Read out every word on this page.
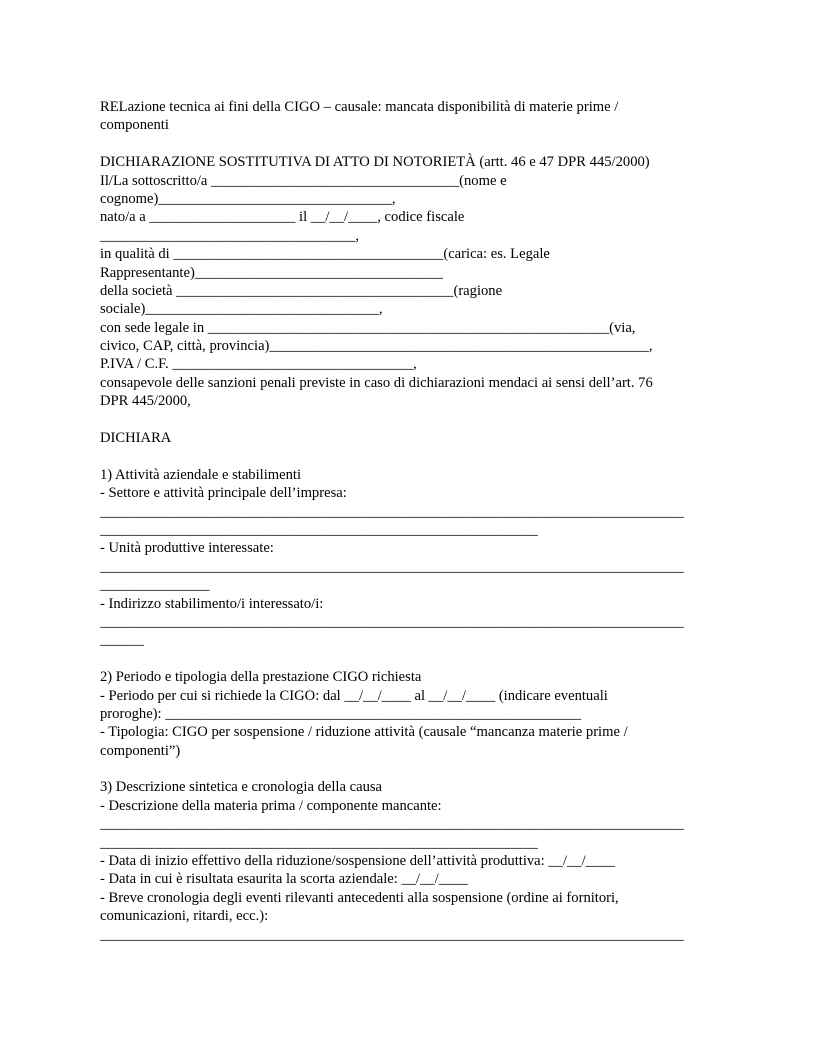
RELazione tecnica ai fini della CIGO – causale: mancata disponibilità di materie prime /
componenti
DICHIARAZIONE SOSTITUTIVA DI ATTO DI NOTORIETÀ (artt. 46 e 47 DPR 445/2000)
Il/La sottoscritto/a __________________________________(nome e
cognome)________________________________,
nato/a a ____________________ il __/__/____, codice fiscale
___________________________________,
in qualità di _____________________________________(carica: es. Legale
Rappresentante)__________________________________
della società ______________________________________(ragione
sociale)________________________________,
con sede legale in _______________________________________________________(via,
civico, CAP, città, provincia)____________________________________________________,
P.IVA / C.F. _________________________________,
consapevole delle sanzioni penali previste in caso di dichiarazioni mendaci ai sensi dell’art. 76
DPR 445/2000,
DICHIARA
1) Attività aziendale e stabilimenti
- Settore e attività principale dell’impresa:
________________________________________________________________________________
____________________________________________________________
- Unità produttive interessate:
________________________________________________________________________________
_______________
- Indirizzo stabilimento/i interessato/i:
________________________________________________________________________________
______
2) Periodo e tipologia della prestazione CIGO richiesta
- Periodo per cui si richiede la CIGO: dal __/__/____ al __/__/____ (indicare eventuali
proroghe): _________________________________________________________
- Tipologia: CIGO per sospensione / riduzione attività (causale “mancanza materie prime /
componenti”)
3) Descrizione sintetica e cronologia della causa
- Descrizione della materia prima / componente mancante:
________________________________________________________________________________
____________________________________________________________
- Data di inizio effettivo della riduzione/sospensione dell’attività produttiva: __/__/____
- Data in cui è risultata esaurita la scorta aziendale: __/__/____
- Breve cronologia degli eventi rilevanti antecedenti alla sospensione (ordine ai fornitori,
comunicazioni, ritardi, ecc.):
________________________________________________________________________________
